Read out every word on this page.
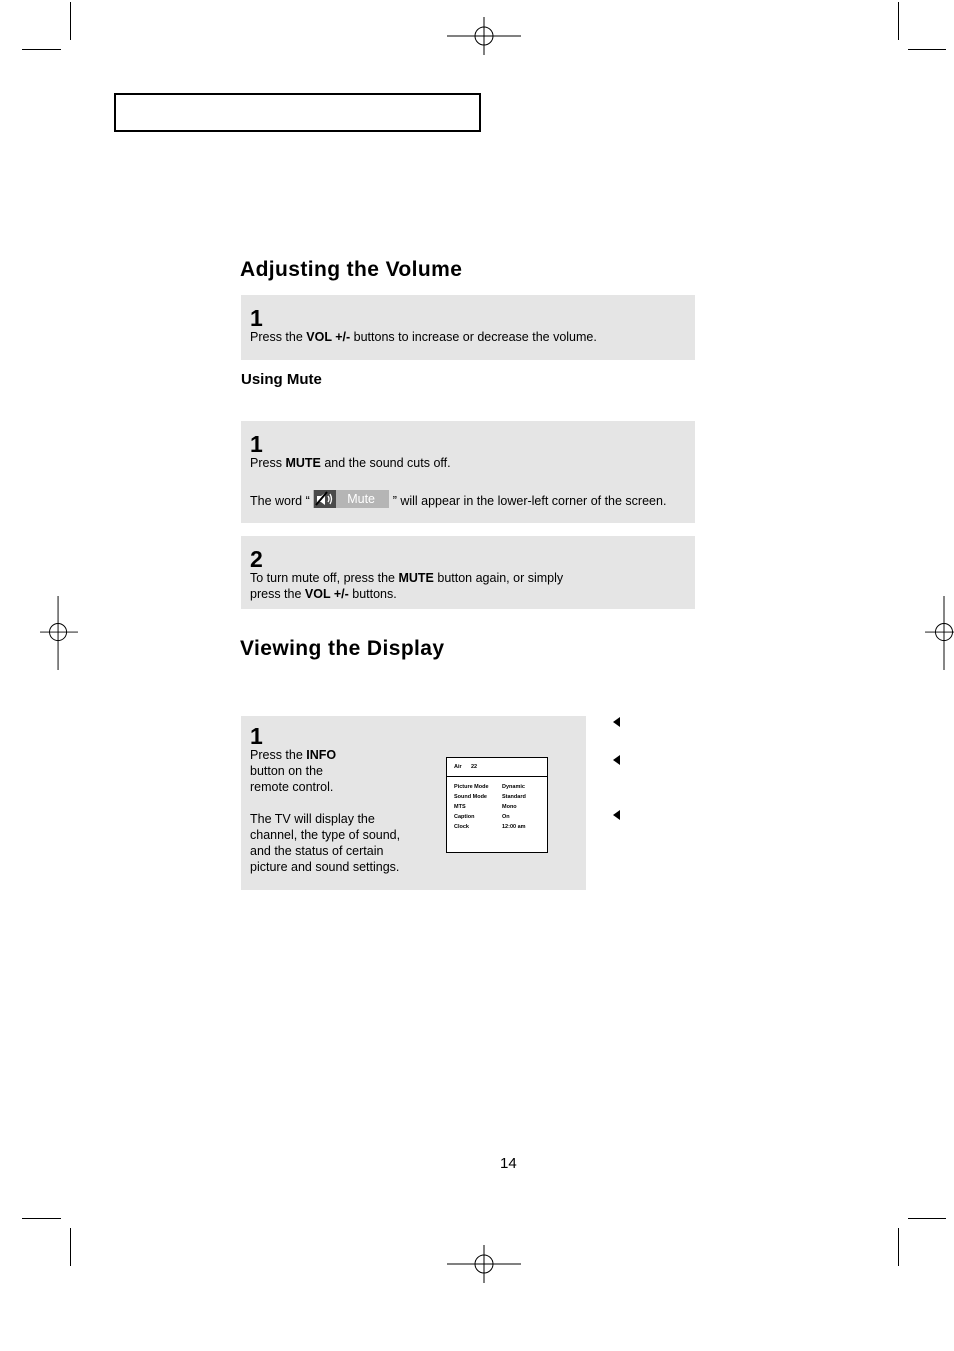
Adjusting the Volume
1
Press the VOL +/- buttons to increase or decrease the volume.
Using Mute
1
Press MUTE and the sound cuts off.
The word “	Mute ” will appear in the lower-left corner of the screen.
2
To turn mute off, press the MUTE button again, or simply
press the VOL +/- buttons.
Viewing the Display
1
Press the INFO
button on the
remote control.
The TV will display the
channel, the type of sound,
and the status of certain
picture and sound settings.
Air 22
Picture Mode Dynamic
Sound Mode	Standard
MTS	Mono
Caption	On
Clock	12:00 am
14
